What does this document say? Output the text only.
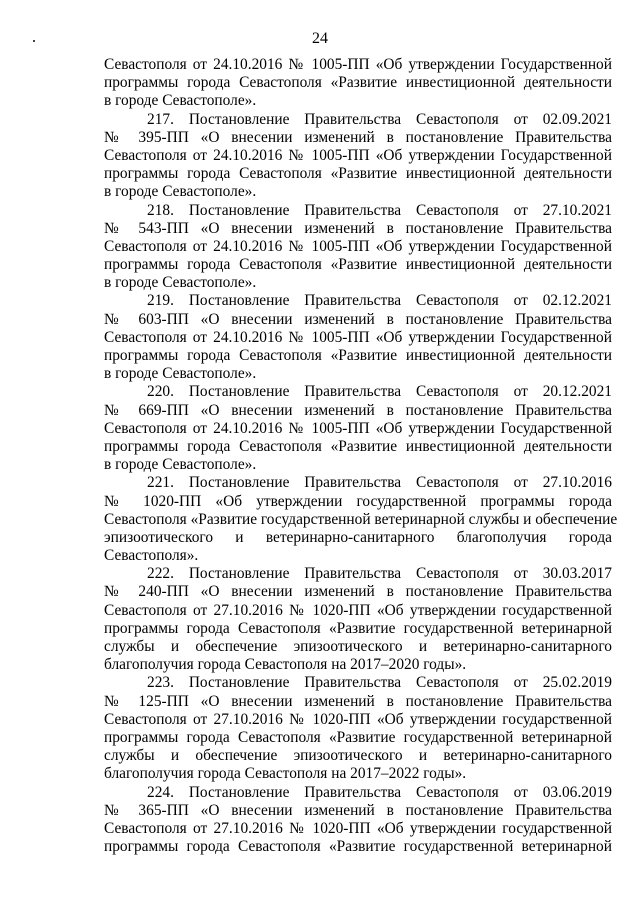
24
Севастополя от 24.10.2016 № 1005-ПП «Об утверждении Государственной
программы города Севастополя «Развитие инвестиционной деятельности
в городе Севастополе».
217. Постановление Правительства Севастополя от 02.09.2021
№ 395-ПП «О внесении изменений в постановление Правительства
Севастополя от 24.10.2016 № 1005-ПП «Об утверждении Государственной
программы города Севастополя «Развитие инвестиционной деятельности
в городе Севастополе».
218. Постановление Правительства Севастополя от 27.10.2021
№ 543-ПП «О внесении изменений в постановление Правительства
Севастополя от 24.10.2016 № 1005-ПП «Об утверждении Государственной
программы города Севастополя «Развитие инвестиционной деятельности
в городе Севастополе».
219. Постановление Правительства Севастополя от 02.12.2021
№ 603-ПП «О внесении изменений в постановление Правительства
Севастополя от 24.10.2016 № 1005-ПП «Об утверждении Государственной
программы города Севастополя «Развитие инвестиционной деятельности
в городе Севастополе».
220. Постановление Правительства Севастополя от 20.12.2021
№ 669-ПП «О внесении изменений в постановление Правительства
Севастополя от 24.10.2016 № 1005-ПП «Об утверждении Государственной
программы города Севастополя «Развитие инвестиционной деятельности
в городе Севастополе».
221. Постановление Правительства Севастополя от 27.10.2016
№ 1020-ПП «Об утверждении государственной программы города
Севастополя «Развитие государственной ветеринарной службы и обеспечение
эпизоотического и ветеринарно-санитарного благополучия города
Севастополя».
222. Постановление Правительства Севастополя от 30.03.2017
№ 240-ПП «О внесении изменений в постановление Правительства
Севастополя от 27.10.2016 № 1020-ПП «Об утверждении государственной
программы города Севастополя «Развитие государственной ветеринарной
службы и обеспечение эпизоотического и ветеринарно-санитарного
благополучия города Севастополя на 2017–2020 годы».
223. Постановление Правительства Севастополя от 25.02.2019
№ 125-ПП «О внесении изменений в постановление Правительства
Севастополя от 27.10.2016 № 1020-ПП «Об утверждении государственной
программы города Севастополя «Развитие государственной ветеринарной
службы и обеспечение эпизоотического и ветеринарно-санитарного
благополучия города Севастополя на 2017–2022 годы».
224. Постановление Правительства Севастополя от 03.06.2019
№ 365-ПП «О внесении изменений в постановление Правительства
Севастополя от 27.10.2016 № 1020-ПП «Об утверждении государственной
программы города Севастополя «Развитие государственной ветеринарной
